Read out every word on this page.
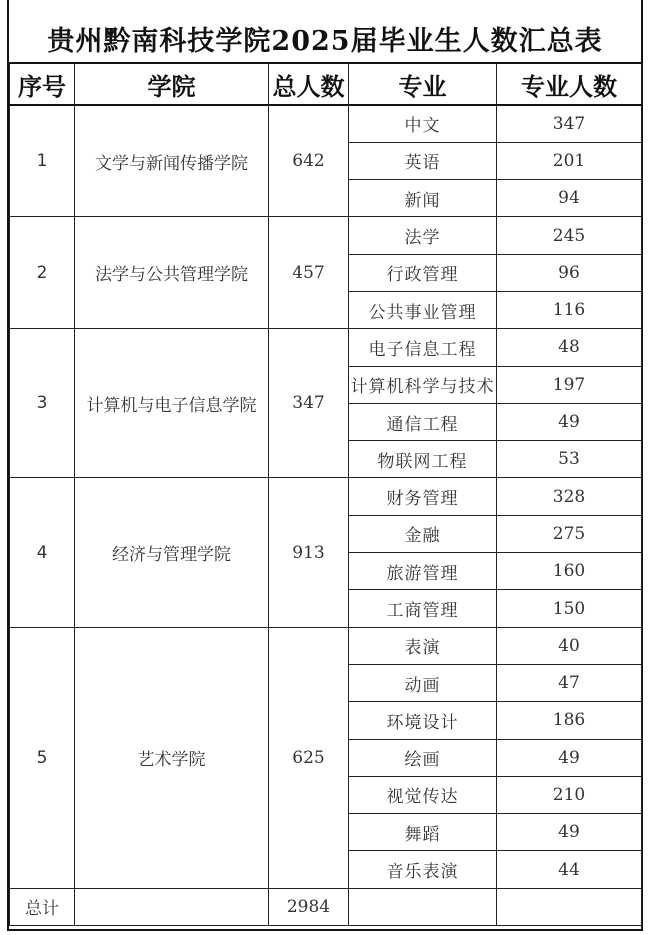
贵州黔南科技学院2025届毕业生人数汇总表
序号	学院	总人数	专业	专业人数
1	文学与新闻传播学院	642	中文	347
			英语	201
			新闻	94
2	法学与公共管理学院	457	法学	245
			行政管理	96
			公共事业管理	116
3	计算机与电子信息学院	347	电子信息工程	48
			计算机科学与技术	197
			通信工程	49
			物联网工程	53
4	经济与管理学院	913	财务管理	328
			金融	275
			旅游管理	160
			工商管理	150
5	艺术学院	625	表演	40
			动画	47
			环境设计	186
			绘画	49
			视觉传达	210
			舞蹈	49
			音乐表演	44
总计		2984		
